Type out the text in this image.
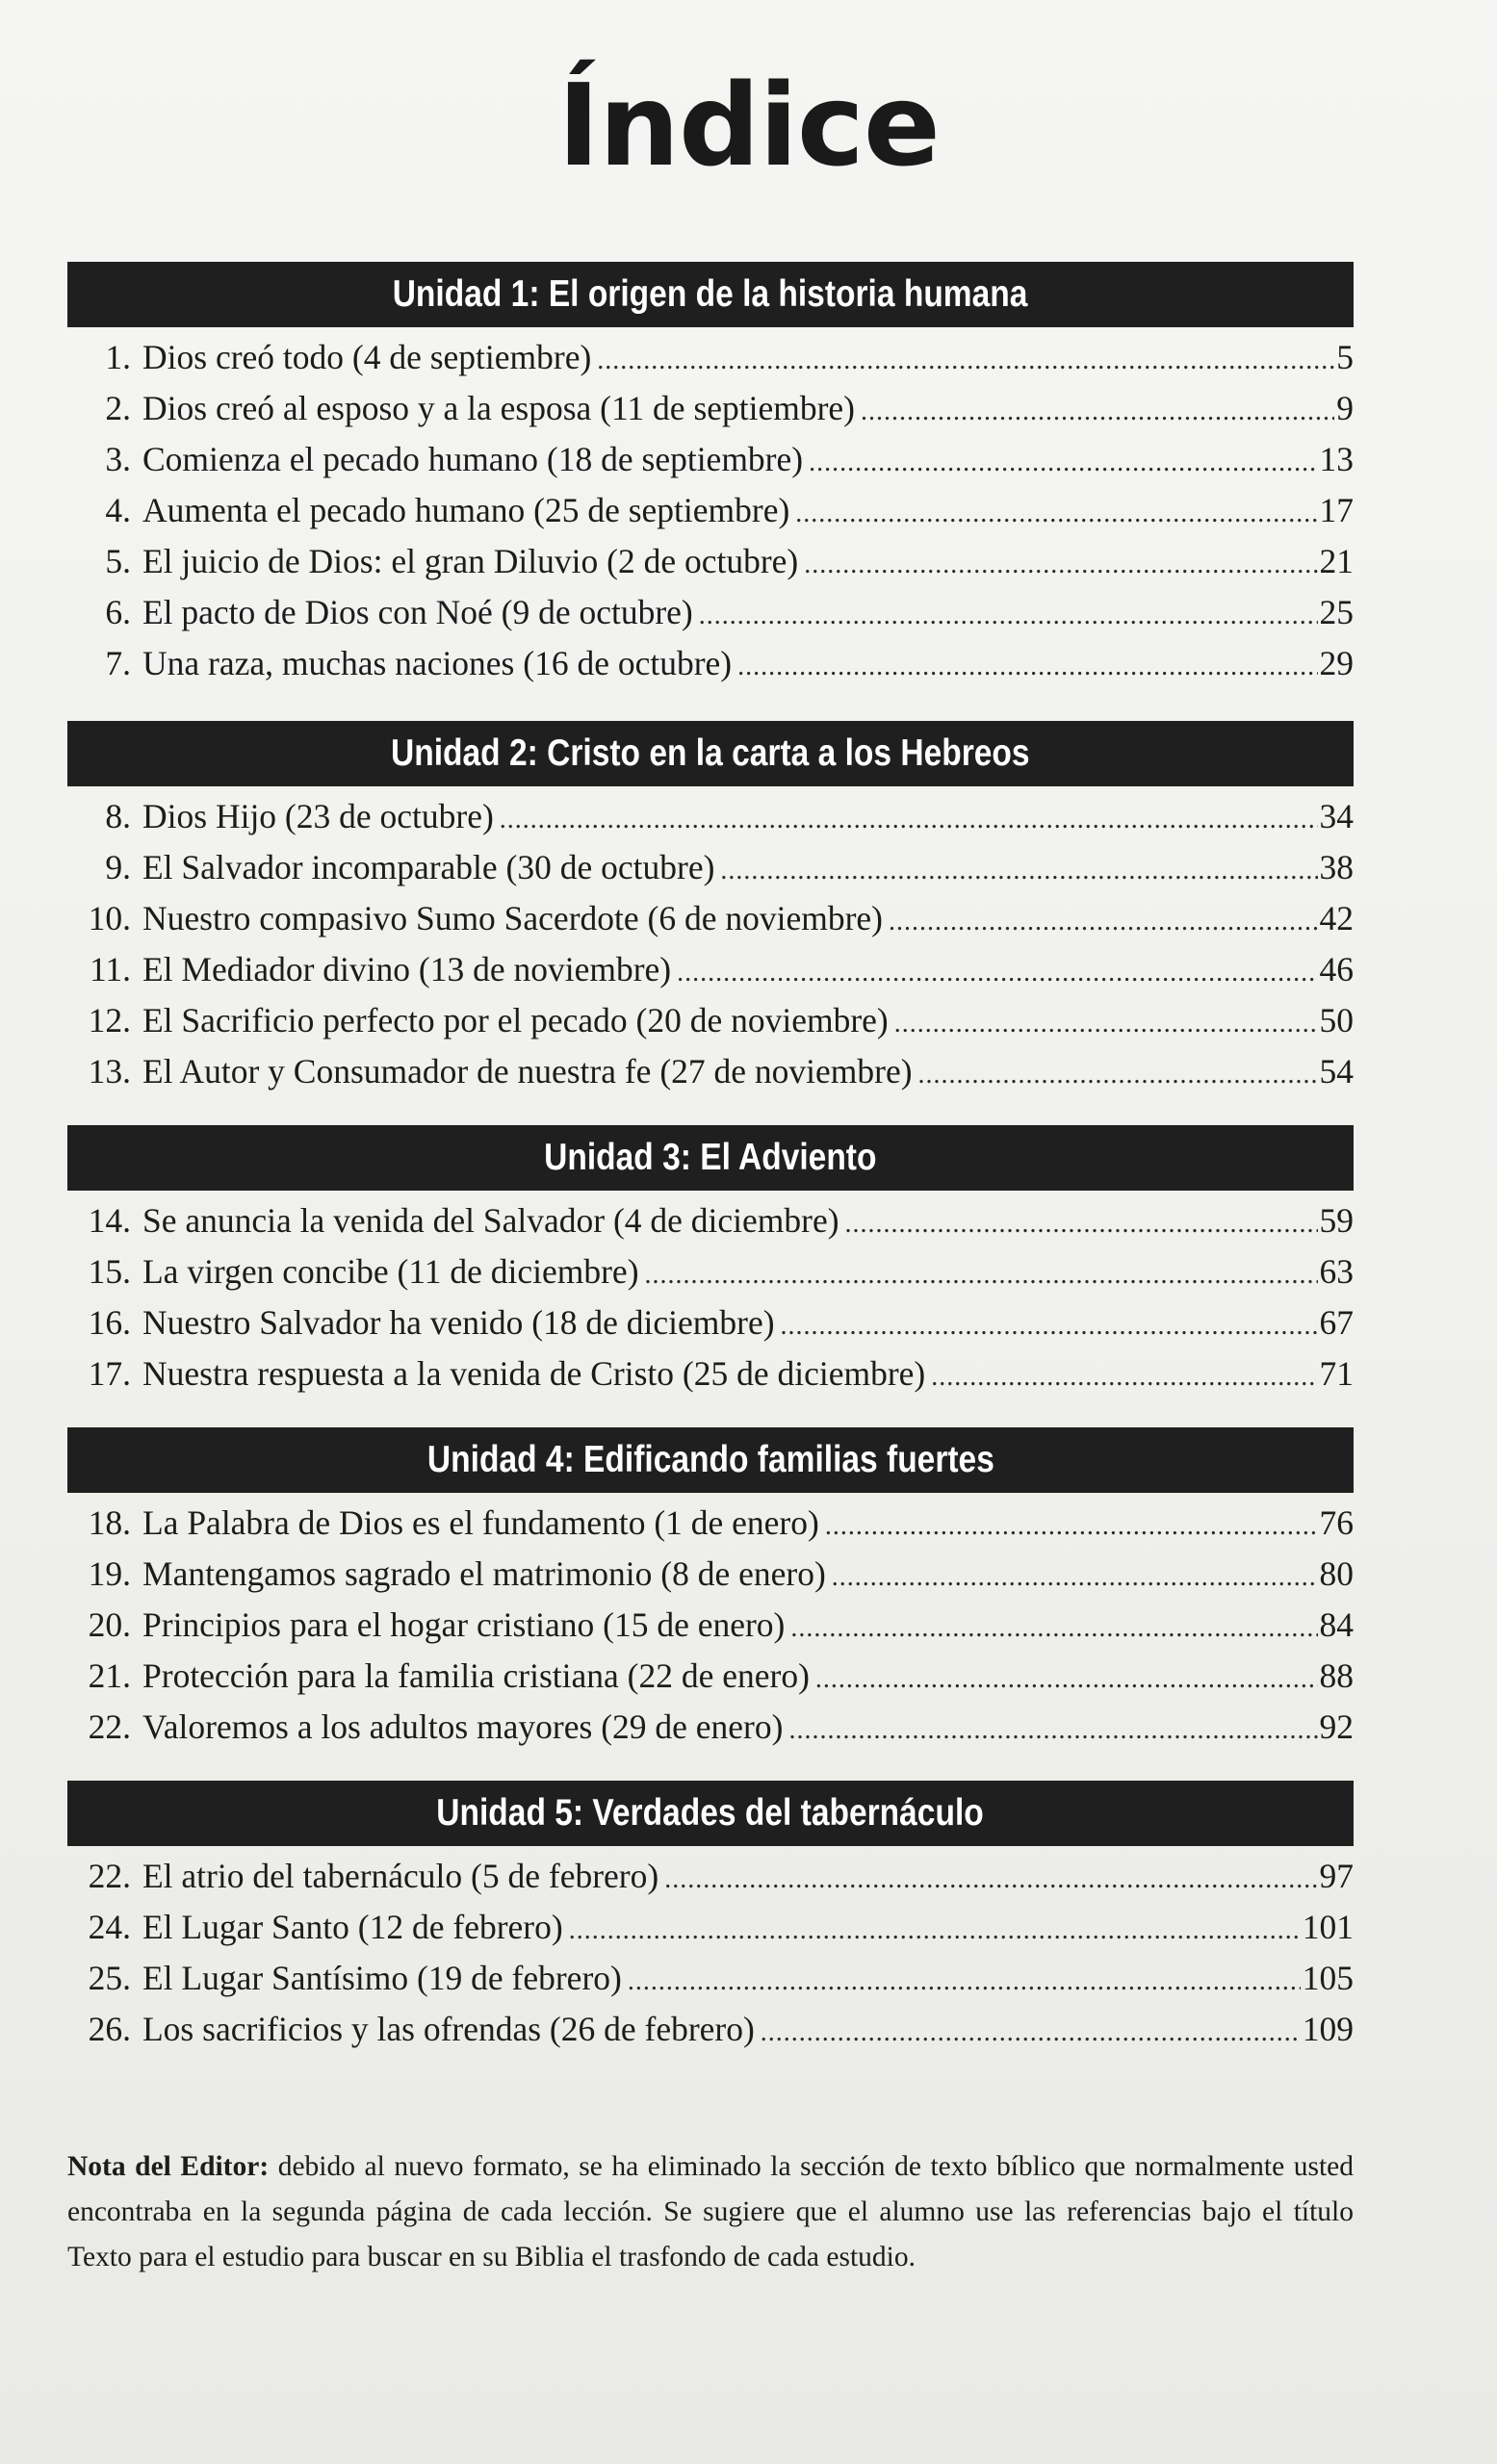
Índice
Unidad 1: El origen de la historia humana
1. Dios creó todo (4 de septiembre) .....	5
2. Dios creó al esposo y a la esposa (11 de septiembre) .....	9
3. Comienza el pecado humano (18 de septiembre) .....	13
4. Aumenta el pecado humano (25 de septiembre) .....	17
5. El juicio de Dios: el gran Diluvio (2 de octubre) .....	21
6. El pacto de Dios con Noé (9 de octubre) .....	25
7. Una raza, muchas naciones (16 de octubre) .....	29
Unidad 2: Cristo en la carta a los Hebreos
8. Dios Hijo (23 de octubre) .....	34
9. El Salvador incomparable (30 de octubre) .....	38
10. Nuestro compasivo Sumo Sacerdote (6 de noviembre) .....	42
11. El Mediador divino (13 de noviembre) .....	46
12. El Sacrificio perfecto por el pecado (20 de noviembre) .....	50
13. El Autor y Consumador de nuestra fe (27 de noviembre) .....	54
Unidad 3: El Adviento
14. Se anuncia la venida del Salvador (4 de diciembre) .....	59
15. La virgen concibe (11 de diciembre) .....	63
16. Nuestro Salvador ha venido (18 de diciembre) .....	67
17. Nuestra respuesta a la venida de Cristo (25 de diciembre) .....	71
Unidad 4: Edificando familias fuertes
18. La Palabra de Dios es el fundamento (1 de enero) .....	76
19. Mantengamos sagrado el matrimonio (8 de enero) .....	80
20. Principios para el hogar cristiano (15 de enero) .....	84
21. Protección para la familia cristiana (22 de enero) .....	88
22. Valoremos a los adultos mayores (29 de enero) .....	92
Unidad 5: Verdades del tabernáculo
22. El atrio del tabernáculo (5 de febrero) .....	97
24. El Lugar Santo (12 de febrero) .....	101
25. El Lugar Santísimo (19 de febrero) .....	105
26. Los sacrificios y las ofrendas (26 de febrero) .....	109

Nota del Editor: debido al nuevo formato, se ha eliminado la sección de texto bíblico que normalmente usted encontraba en la segunda página de cada lección. Se sugiere que el alumno use las referencias bajo el título Texto para el estudio para buscar en su Biblia el trasfondo de cada estudio.
